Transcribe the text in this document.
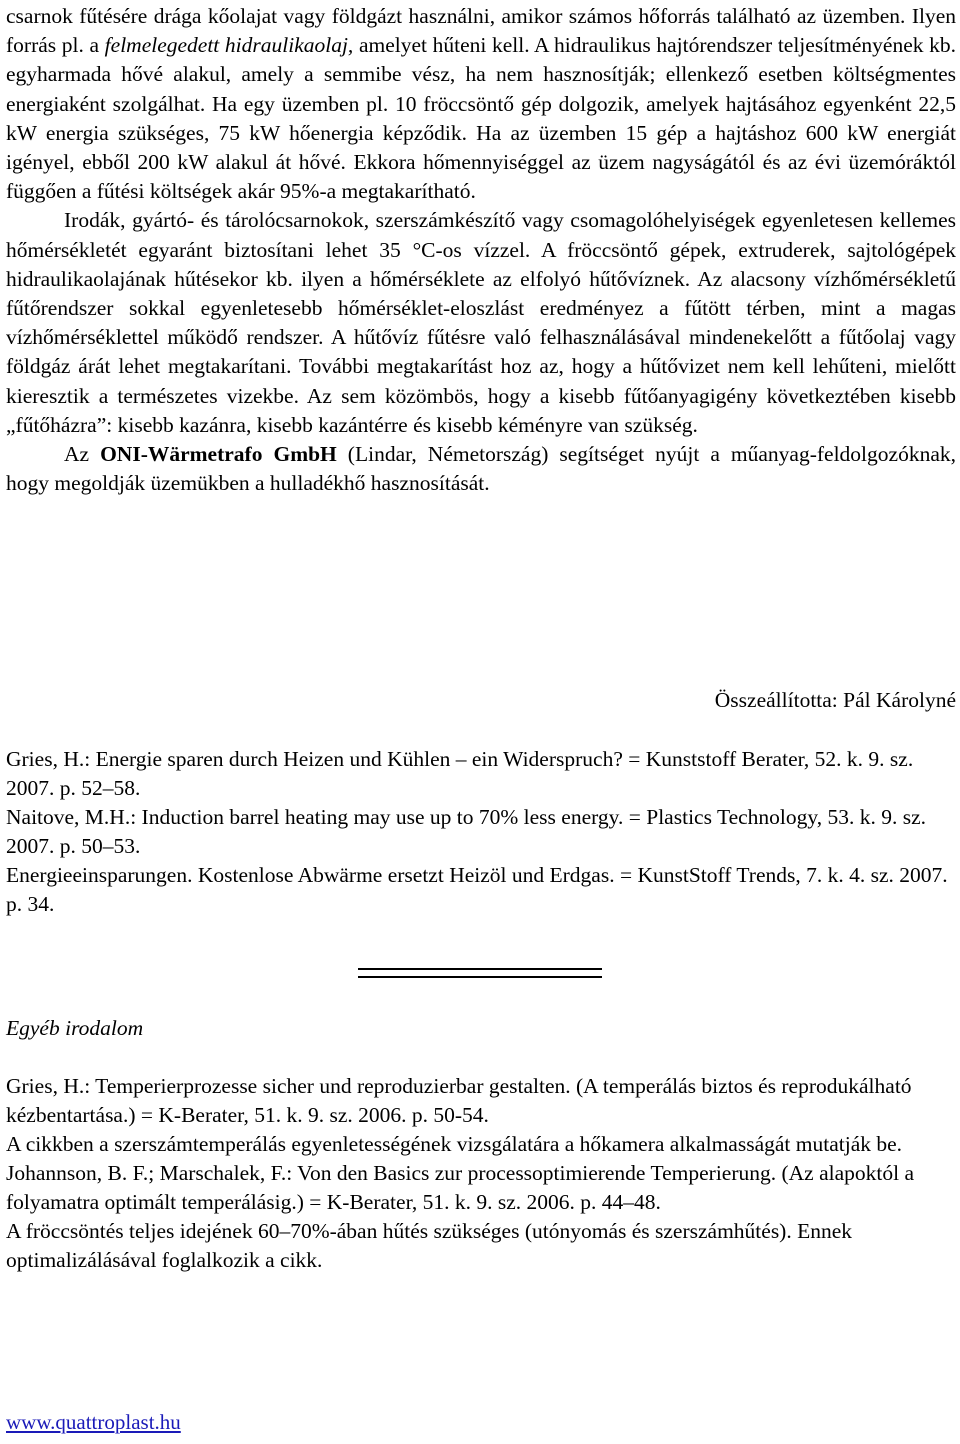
csarnok fűtésére drága kőolajat vagy földgázt használni, amikor számos hőforrás található az üzemben. Ilyen forrás pl. a felmelegedett hidraulikaolaj, amelyet hűteni kell. A hidraulikus hajtórendszer teljesítményének kb. egyharmada hővé alakul, amely a semmibe vész, ha nem hasznosítják; ellenkező esetben költségmentes energiaként szolgálhat. Ha egy üzemben pl. 10 fröccsöntő gép dolgozik, amelyek hajtásához egyenként 22,5 kW energia szükséges, 75 kW hőenergia képződik. Ha az üzemben 15 gép a hajtáshoz 600 kW energiát igényel, ebből 200 kW alakul át hővé. Ekkora hőmennyiséggel az üzem nagyságától és az évi üzemóráktól függően a fűtési költségek akár 95%-a megtakarítható.

Irodák, gyártó- és tárolócsarnokok, szerszámkészítő vagy csomagolóhelyiségek egyenletesen kellemes hőmérsékletét egyaránt biztosítani lehet 35 °C-os vízzel. A fröccsöntő gépek, extruderek, sajtológépek hidraulikaolajának hűtésekor kb. ilyen a hőmérséklete az elfolyó hűtővíznek. Az alacsony vízhőmérsékletű fűtőrendszer sokkal egyenletesebb hőmérséklet-eloszlást eredményez a fűtött térben, mint a magas vízhőmérséklettel működő rendszer. A hűtővíz fűtésre való felhasználásával mindenekelőtt a fűtőolaj vagy földgáz árát lehet megtakarítani. További megtakarítást hoz az, hogy a hűtővizet nem kell lehűteni, mielőtt kieresztik a természetes vizekbe. Az sem közömbös, hogy a kisebb fűtőanyagigény következtében kisebb „fűtőházra”: kisebb kazánra, kisebb kazántérre és kisebb kéményre van szükség.

Az ONI-Wärmetrafo GmbH (Lindar, Németország) segítséget nyújt a műanyag-feldolgozóknak, hogy megoldják üzemükben a hulladékhő hasznosítását.

Összeállította: Pál Károlyné

Gries, H.: Energie sparen durch Heizen und Kühlen – ein Widerspruch? = Kunststoff Berater, 52. k. 9. sz. 2007. p. 52–58.

Naitove, M.H.: Induction barrel heating may use up to 70% less energy. = Plastics Technology, 53. k. 9. sz. 2007. p. 50–53.

Energieeinsparungen. Kostenlose Abwärme ersetzt Heizöl und Erdgas. = KunstStoff Trends, 7. k. 4. sz. 2007. p. 34.

Egyéb irodalom

Gries, H.: Temperierprozesse sicher und reproduzierbar gestalten. (A temperálás biztos és reprodukálható kézbentartása.) = K-Berater, 51. k. 9. sz. 2006. p. 50-54.

A cikkben a szerszámtemperálás egyenletességének vizsgálatára a hőkamera alkalmasságát mutatják be.

Johannson, B. F.; Marschalek, F.: Von den Basics zur processoptimierende Temperierung. (Az alapoktól a folyamatra optimált temperálásig.) = K-Berater, 51. k. 9. sz. 2006. p. 44–48.

A fröccsöntés teljes idejének 60–70%-ában hűtés szükséges (utónyomás és szerszámhűtés). Ennek optimalizálásával foglalkozik a cikk.

www.quattroplast.hu
